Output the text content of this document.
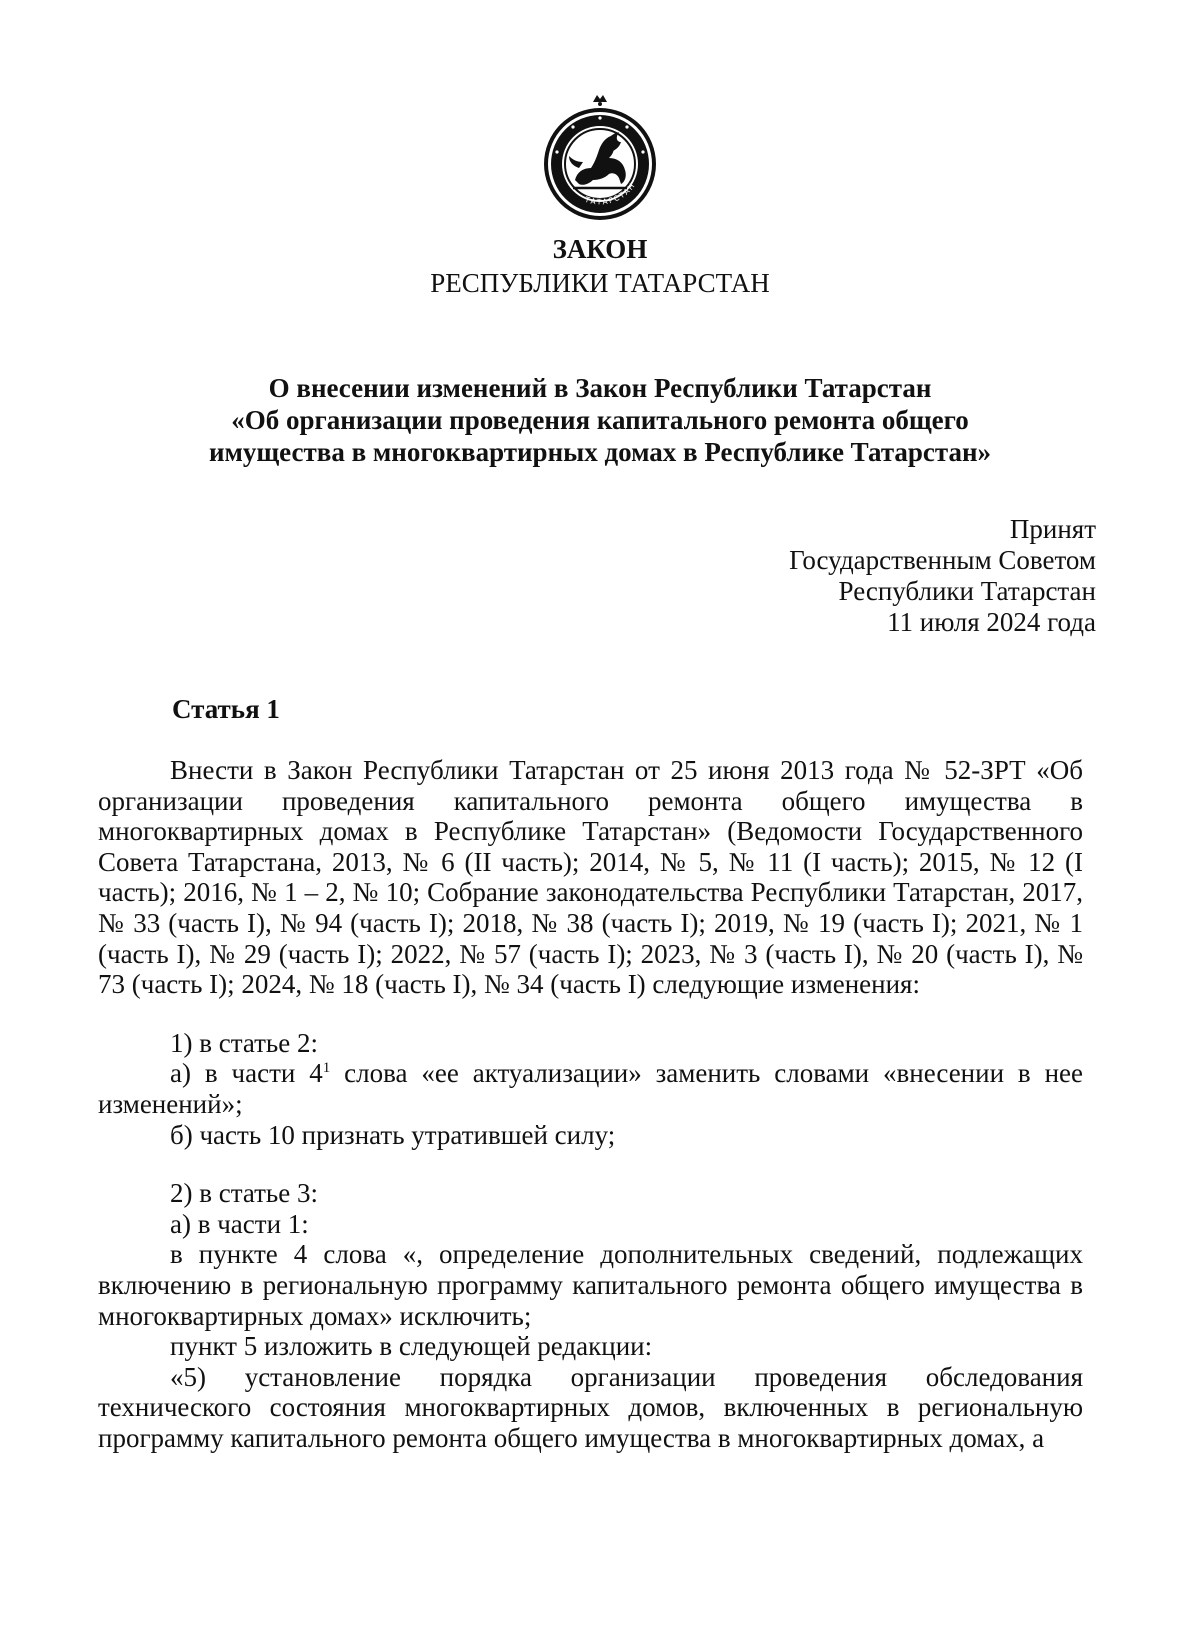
ТАТАРСТАН
ЗАКОН
РЕСПУБЛИКИ ТАТАРСТАН
О внесении изменений в Закон Республики Татарстан
«Об организации проведения капитального ремонта общего
имущества в многоквартирных домах в Республике Татарстан»
Принят
Государственным Советом
Республики Татарстан
11 июля 2024 года
Статья 1

Внести в Закон Республики Татарстан от 25 июня 2013 года № 52-ЗРТ «Об организации проведения капитального ремонта общего имущества в многоквартирных домах в Республике Татарстан» (Ведомости Государственного Совета Татарстана, 2013, № 6 (II часть); 2014, № 5, № 11 (I часть); 2015, № 12 (I часть); 2016, № 1 – 2, № 10; Собрание законодательства Республики Татарстан, 2017, № 33 (часть I), № 94 (часть I); 2018, № 38 (часть I); 2019, № 19 (часть I); 2021, № 1 (часть I), № 29 (часть I); 2022, № 57 (часть I); 2023, № 3 (часть I), № 20 (часть I), № 73 (часть I); 2024, № 18 (часть I), № 34 (часть I) следующие изменения:

1) в статье 2:

а) в части $4^1$ слова «ее актуализации» заменить словами «внесении в нее изменений»;

б) часть 10 признать утратившей силу;

2) в статье 3:

а) в части 1:

в пункте 4 слова «, определение дополнительных сведений, подлежащих включению в региональную программу капитального ремонта общего имущества в многоквартирных домах» исключить;

пункт 5 изложить в следующей редакции:

«5) установление порядка организации проведения обследования технического состояния многоквартирных домов, включенных в региональную программу капитального ремонта общего имущества в многоквартирных домах, а
